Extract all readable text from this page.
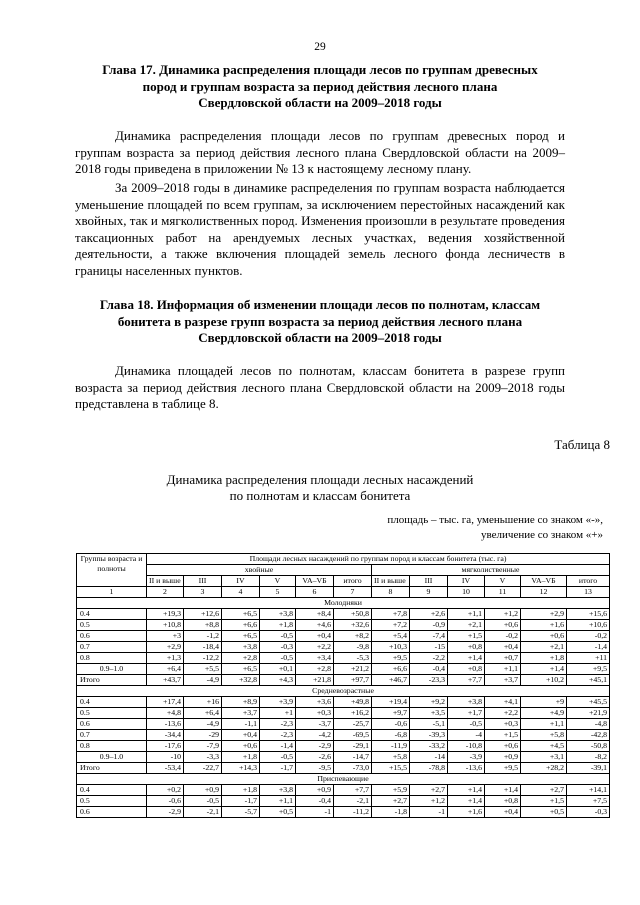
29
Глава 17. Динамика распределения площади лесов по группам древесных
пород и группам возраста за период действия лесного плана
Свердловской области на 2009–2018 годы

Динамика распределения площади лесов по группам древесных пород и группам возраста за период действия лесного плана Свердловской области на 2009–2018 годы приведена в приложении № 13 к настоящему лесному плану.

За 2009–2018 годы в динамике распределения по группам возраста наблюдается уменьшение площадей по всем группам, за исключением перестойных насаждений как хвойных, так и мягколиственных пород. Изменения произошли в результате проведения таксационных работ на арендуемых лесных участках, ведения хозяйственной деятельности, а также включения площадей земель лесного фонда лесничеств в границы населенных пунктов.

Глава 18. Информация об изменении площади лесов по полнотам, классам
бонитета в разрезе групп возраста за период действия лесного плана
Свердловской области на 2009–2018 годы

Динамика площадей лесов по полнотам, классам бонитета в разрезе групп возраста за период действия лесного плана Свердловской области на 2009–2018 годы представлена в таблице 8.

Таблица 8
Динамика распределения площади лесных насаждений
по полнотам и классам бонитета
площадь – тыс. га, уменьшение со знаком «-»,
увеличение со знаком «+»
Группы возраста и полноты	Площади лесных насаждений по группам пород и классам бонитета (тыс. га)											
	хвойные						мягколиственные					
	II и выше	III	IV	V	VA–VБ	итого	II и выше	III	IV	V	VA–VБ	итого
1	2	3	4	5	6	7	8	9	10	11	12	13
Молодняки												
0.4	+19,3	+12,6	+6,5	+3,8	+8,4	+50,8	+7,8	+2,6	+1,1	+1,2	+2,9	+15,6
0.5	+10,8	+8,8	+6,6	+1,8	+4,6	+32,6	+7,2	-0,9	+2,1	+0,6	+1,6	+10,6
0.6	+3	-1,2	+6,5	-0,5	+0,4	+8,2	+5,4	-7,4	+1,5	-0,2	+0,6	-0,2
0.7	+2,9	-18,4	+3,8	-0,3	+2,2	-9,8	+10,3	-15	+0,8	+0,4	+2,1	-1,4
0.8	+1,3	-12,2	+2,8	-0,5	+3,4	-5,3	+9,5	-2,2	+1,4	+0,7	+1,8	+11
0.9–1.0	+6,4	+5,5	+6,5	+0,1	+2,8	+21,2	+6,6	-0,4	+0,8	+1,1	+1,4	+9,5
Итого	+43,7	-4,9	+32,8	+4,3	+21,8	+97,7	+46,7	-23,3	+7,7	+3,7	+10,2	+45,1
Средневозрастные												
0.4	+17,4	+16	+8,9	+3,9	+3,6	+49,8	+19,4	+9,2	+3,8	+4,1	+9	+45,5
0.5	+4,8	+6,4	+3,7	+1	+0,3	+16,2	+9,7	+3,5	+1,7	+2,2	+4,9	+21,9
0.6	-13,6	-4,9	-1,1	-2,3	-3,7	-25,7	-0,6	-5,1	-0,5	+0,3	+1,1	-4,8
0.7	-34,4	-29	+0,4	-2,3	-4,2	-69,5	-6,8	-39,3	-4	+1,5	+5,8	-42,8
0.8	-17,6	-7,9	+0,6	-1,4	-2,9	-29,1	-11,9	-33,2	-10,8	+0,6	+4,5	-50,8
0.9–1.0	-10	-3,3	+1,8	-0,5	-2,6	-14,7	+5,8	-14	-3,9	+0,9	+3,1	-8,2
Итого	-53,4	-22,7	+14,3	-1,7	-9,5	-73,0	+15,5	-78,8	-13,6	+9,5	+28,2	-39,1
Приспевающие												
0.4	+0,2	+0,9	+1,8	+3,8	+0,9	+7,7	+5,9	+2,7	+1,4	+1,4	+2,7	+14,1
0.5	-0,6	-0,5	-1,7	+1,1	-0,4	-2,1	+2,7	+1,2	+1,4	+0,8	+1,5	+7,5
0.6	-2,9	-2,1	-5,7	+0,5	-1	-11,2	-1,8	-1	+1,6	+0,4	+0,5	-0,3
